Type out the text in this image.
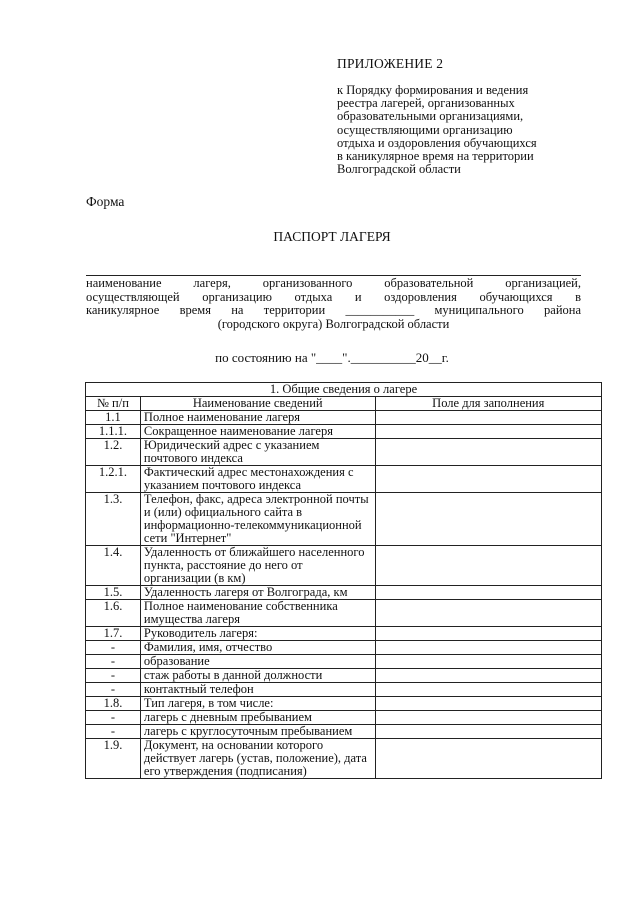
ПРИЛОЖЕНИЕ 2
к Порядку формирования и ведения
реестра лагерей, организованных
образовательными организациями,
осуществляющими организацию
отдыха и оздоровления обучающихся
в каникулярное время на территории
Волгоградской области
Форма
ПАСПОРТ ЛАГЕРЯ
наименование лагеря, организованного образовательной организацией,
осуществляющей организацию отдыха и оздоровления обучающихся в
каникулярное время на территории ___________ муниципального района
(городского округа) Волгоградской области
по состоянию на "____".__________20__г.
1. Общие сведения о лагере		
№ п/п	Наименование сведений	Поле для заполнения
1.1	Полное наименование лагеря	
1.1.1.	Сокращенное наименование лагеря	
1.2.	Юридический адрес с указанием почтового индекса	
1.2.1.	Фактический адрес местонахождения с указанием почтового индекса	
1.3.	Телефон, факс, адреса электронной почты и (или) официального сайта в информационно-телекоммуникационной сети "Интернет"	
1.4.	Удаленность от ближайшего населенного пункта, расстояние до него от организации (в км)	
1.5.	Удаленность лагеря от Волгограда, км	
1.6.	Полное наименование собственника имущества лагеря	
1.7.	Руководитель лагеря:	
-	Фамилия, имя, отчество	
-	образование	
-	стаж работы в данной должности	
-	контактный телефон	
1.8.	Тип лагеря, в том числе:	
-	лагерь с дневным пребыванием	
-	лагерь с круглосуточным пребыванием	
1.9.	Документ, на основании которого действует лагерь (устав, положение), дата его утверждения (подписания)	
